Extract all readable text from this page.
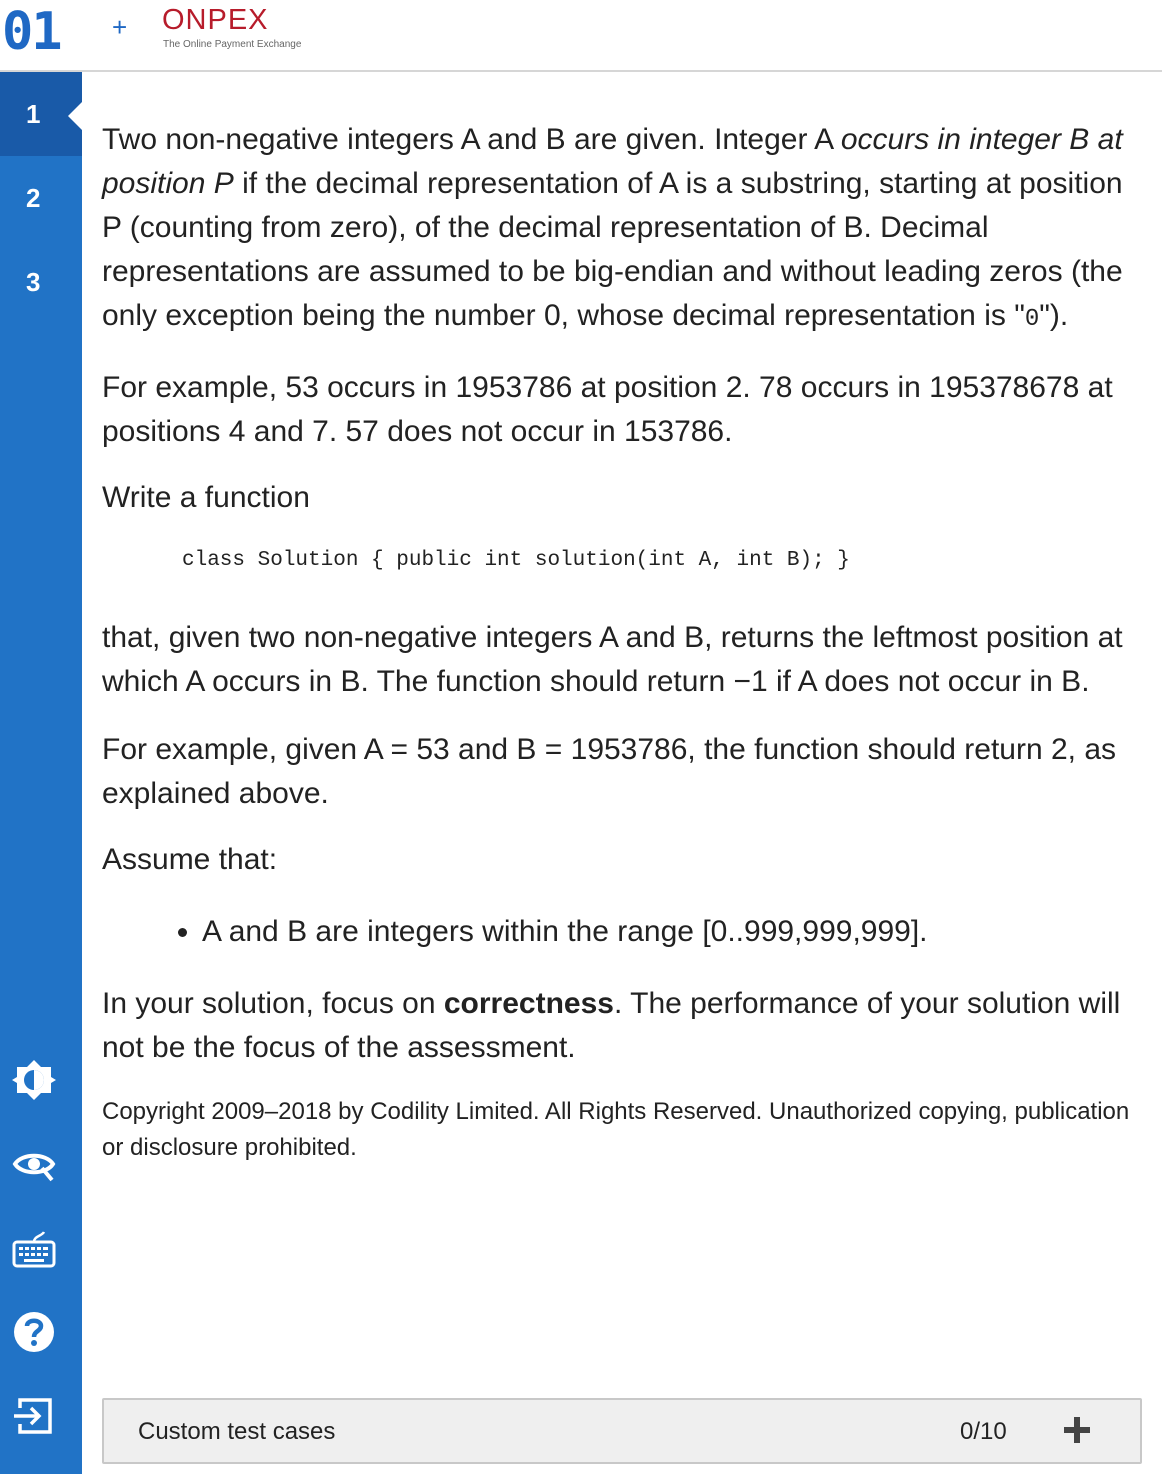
01 + ONPEX
The Online Payment Exchange
1
2
3

Two non-negative integers A and B are given. Integer A occurs in integer B at position P if the decimal representation of A is a substring, starting at position P (counting from zero), of the decimal representation of B. Decimal representations are assumed to be big-endian and without leading zeros (the only exception being the number 0, whose decimal representation is "0").

For example, 53 occurs in 1953786 at position 2. 78 occurs in 195378678 at positions 4 and 7. 57 does not occur in 153786.

Write a function

class Solution { public int solution(int A, int B); }

that, given two non-negative integers A and B, returns the leftmost position at which A occurs in B. The function should return −1 if A does not occur in B.

For example, given A = 53 and B = 1953786, the function should return 2, as explained above.

Assume that:

• A and B are integers within the range [0..999,999,999].

In your solution, focus on correctness. The performance of your solution will not be the focus of the assessment.

Copyright 2009–2018 by Codility Limited. All Rights Reserved. Unauthorized copying, publication or disclosure prohibited.

Custom test cases	0/10
